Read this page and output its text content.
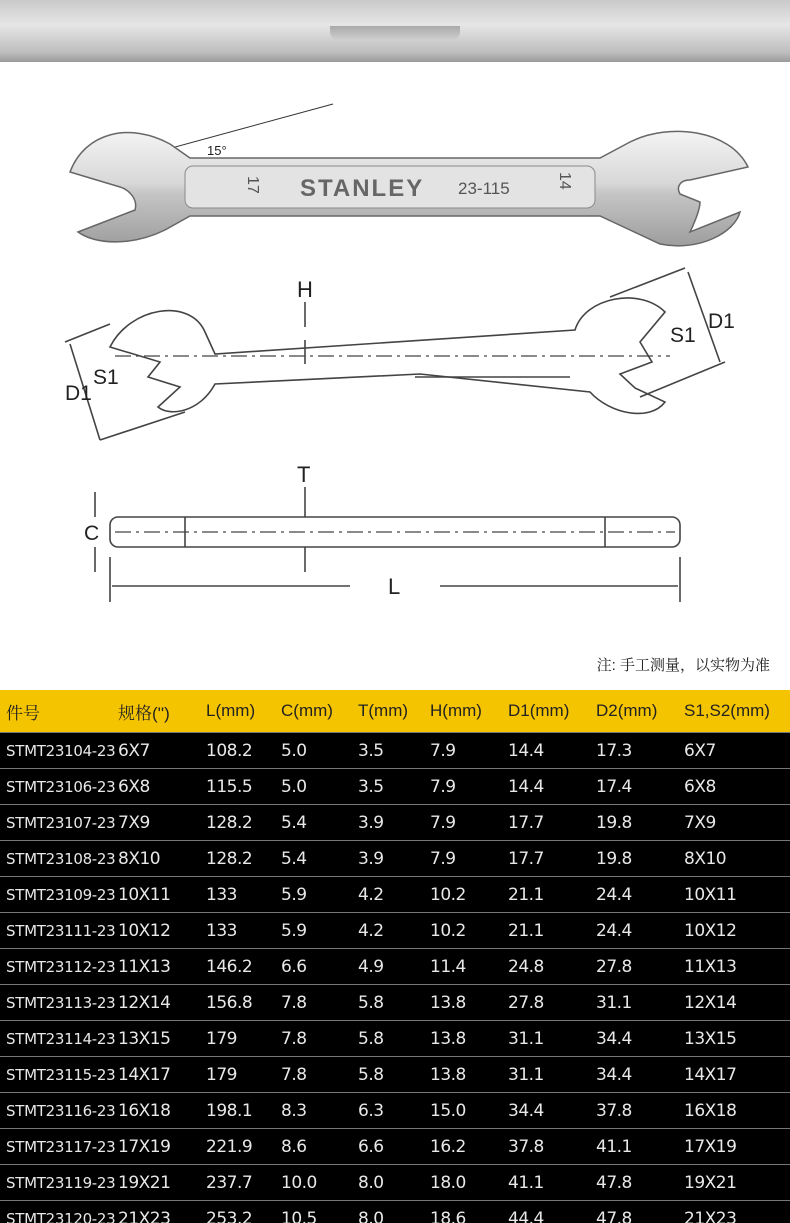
15°
STANLEY 23-115
17	14
H
S1
D1
S1
D1
T
C
L
注: 手工测量，以实物为准
件号	规格('')	L(mm)	C(mm)	T(mm)	H(mm)	D1(mm)	D2(mm)	S1,S2(mm)
STMT23104-23	6X7	108.2	5.0	3.5	7.9	14.4	17.3	6X7
STMT23106-23	6X8	115.5	5.0	3.5	7.9	14.4	17.4	6X8
STMT23107-23	7X9	128.2	5.4	3.9	7.9	17.7	19.8	7X9
STMT23108-23	8X10	128.2	5.4	3.9	7.9	17.7	19.8	8X10
STMT23109-23	10X11	133	5.9	4.2	10.2	21.1	24.4	10X11
STMT23111-23	10X12	133	5.9	4.2	10.2	21.1	24.4	10X12
STMT23112-23	11X13	146.2	6.6	4.9	11.4	24.8	27.8	11X13
STMT23113-23	12X14	156.8	7.8	5.8	13.8	27.8	31.1	12X14
STMT23114-23	13X15	179	7.8	5.8	13.8	31.1	34.4	13X15
STMT23115-23	14X17	179	7.8	5.8	13.8	31.1	34.4	14X17
STMT23116-23	16X18	198.1	8.3	6.3	15.0	34.4	37.8	16X18
STMT23117-23	17X19	221.9	8.6	6.6	16.2	37.8	41.1	17X19
STMT23119-23	19X21	237.7	10.0	8.0	18.0	41.1	47.8	19X21
STMT23120-23	21X23	253.2	10.5	8.0	18.6	44.4	47.8	21X23
